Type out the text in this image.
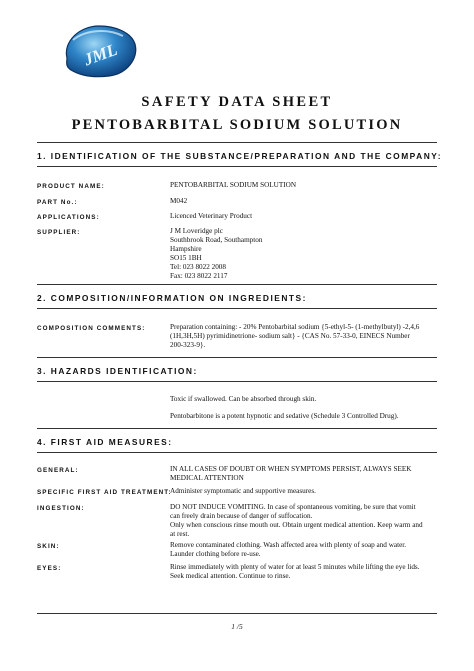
JML
SAFETY DATA SHEET
PENTOBARBITAL SODIUM SOLUTION
1. IDENTIFICATION OF THE SUBSTANCE/PREPARATION AND THE COMPANY:
PRODUCT NAME:	PENTOBARBITAL SODIUM SOLUTION
PART No.:	M042
APPLICATIONS:	Licenced Veterinary Product
SUPPLIER:	J M Loveridge plc
Southbrook Road, Southampton
Hampshire
SO15 1BH
Tel: 023 8022 2008
Fax: 023 8022 2117
2. COMPOSITION/INFORMATION ON INGREDIENTS:
COMPOSITION COMMENTS:	Preparation containing: - 20% Pentobarbital sodium {5-ethyl-5- (1-methylbutyl) -2,4,6
(1H,3H,5H) pyrimidinetrione- sodium salt} - {CAS No. 57-33-0, EINECS Number
200-323-9}.
3. HAZARDS IDENTIFICATION:
Toxic if swallowed. Can be absorbed through skin.
Pentobarbitone is a potent hypnotic and sedative (Schedule 3 Controlled Drug).
4. FIRST AID MEASURES:
GENERAL:	IN ALL CASES OF DOUBT OR WHEN SYMPTOMS PERSIST, ALWAYS SEEK
MEDICAL ATTENTION
SPECIFIC FIRST AID TREATMENT:
Administer symptomatic and supportive measures.
INGESTION:	DO NOT INDUCE VOMITING. In case of spontaneous vomiting, be sure that vomit
can freely drain because of danger of suffocation.
Only when conscious rinse mouth out. Obtain urgent medical attention. Keep warm and
at rest.
SKIN:	Remove contaminated clothing. Wash affected area with plenty of soap and water.
Launder clothing before re-use.
EYES:	Rinse immediately with plenty of water for at least 5 minutes while lifting the eye lids.
Seek medical attention. Continue to rinse.
1 /5
